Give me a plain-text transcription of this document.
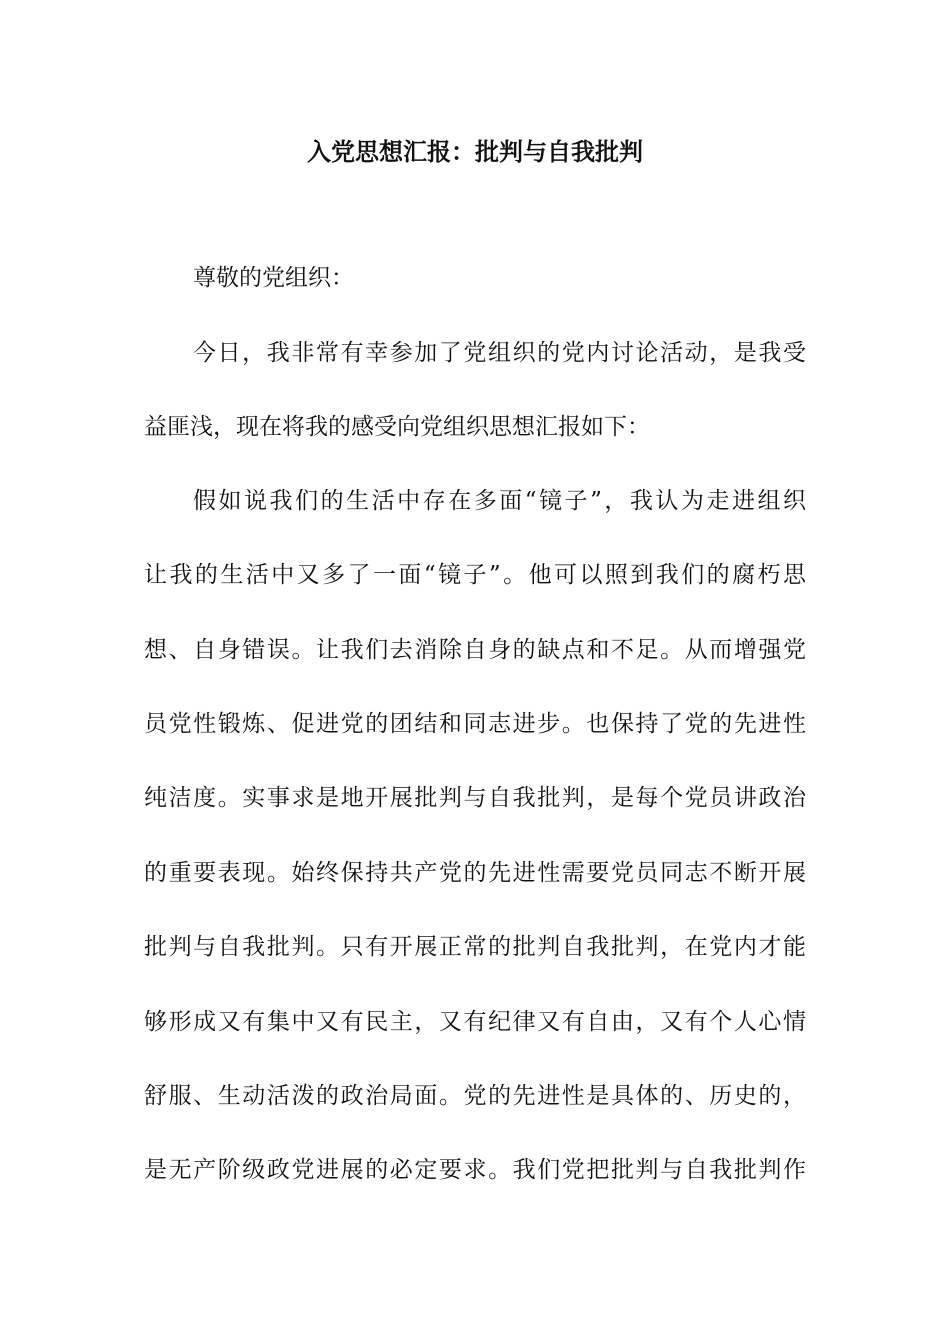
入党思想汇报：批判与自我批判
尊敬的党组织：
今日，我非常有幸参加了党组织的党内讨论活动，是我受
益匪浅，现在将我的感受向党组织思想汇报如下：
假如说我们的生活中存在多面“镜子”，我认为走进组织
让我的生活中又多了一面“镜子”。他可以照到我们的腐朽思
想、自身错误。让我们去消除自身的缺点和不足。从而增强党
员党性锻炼、促进党的团结和同志进步。也保持了党的先进性
纯洁度。实事求是地开展批判与自我批判，是每个党员讲政治
的重要表现。始终保持共产党的先进性需要党员同志不断开展
批判与自我批判。只有开展正常的批判自我批判，在党内才能
够形成又有集中又有民主，又有纪律又有自由，又有个人心情
舒服、生动活泼的政治局面。党的先进性是具体的、历史的，
是无产阶级政党进展的必定要求。我们党把批判与自我批判作
